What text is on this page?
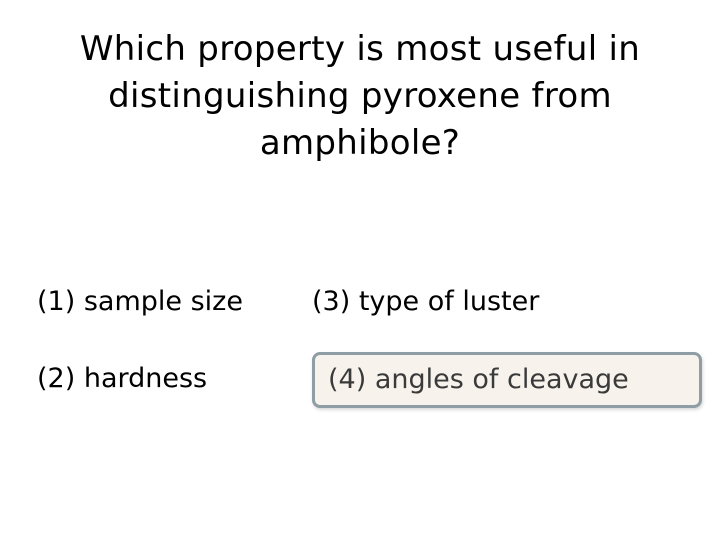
Which property is most useful in distinguishing pyroxene from amphibole?
(1) sample size	(3) type of luster
(2) hardness	(4) angles of cleavage
